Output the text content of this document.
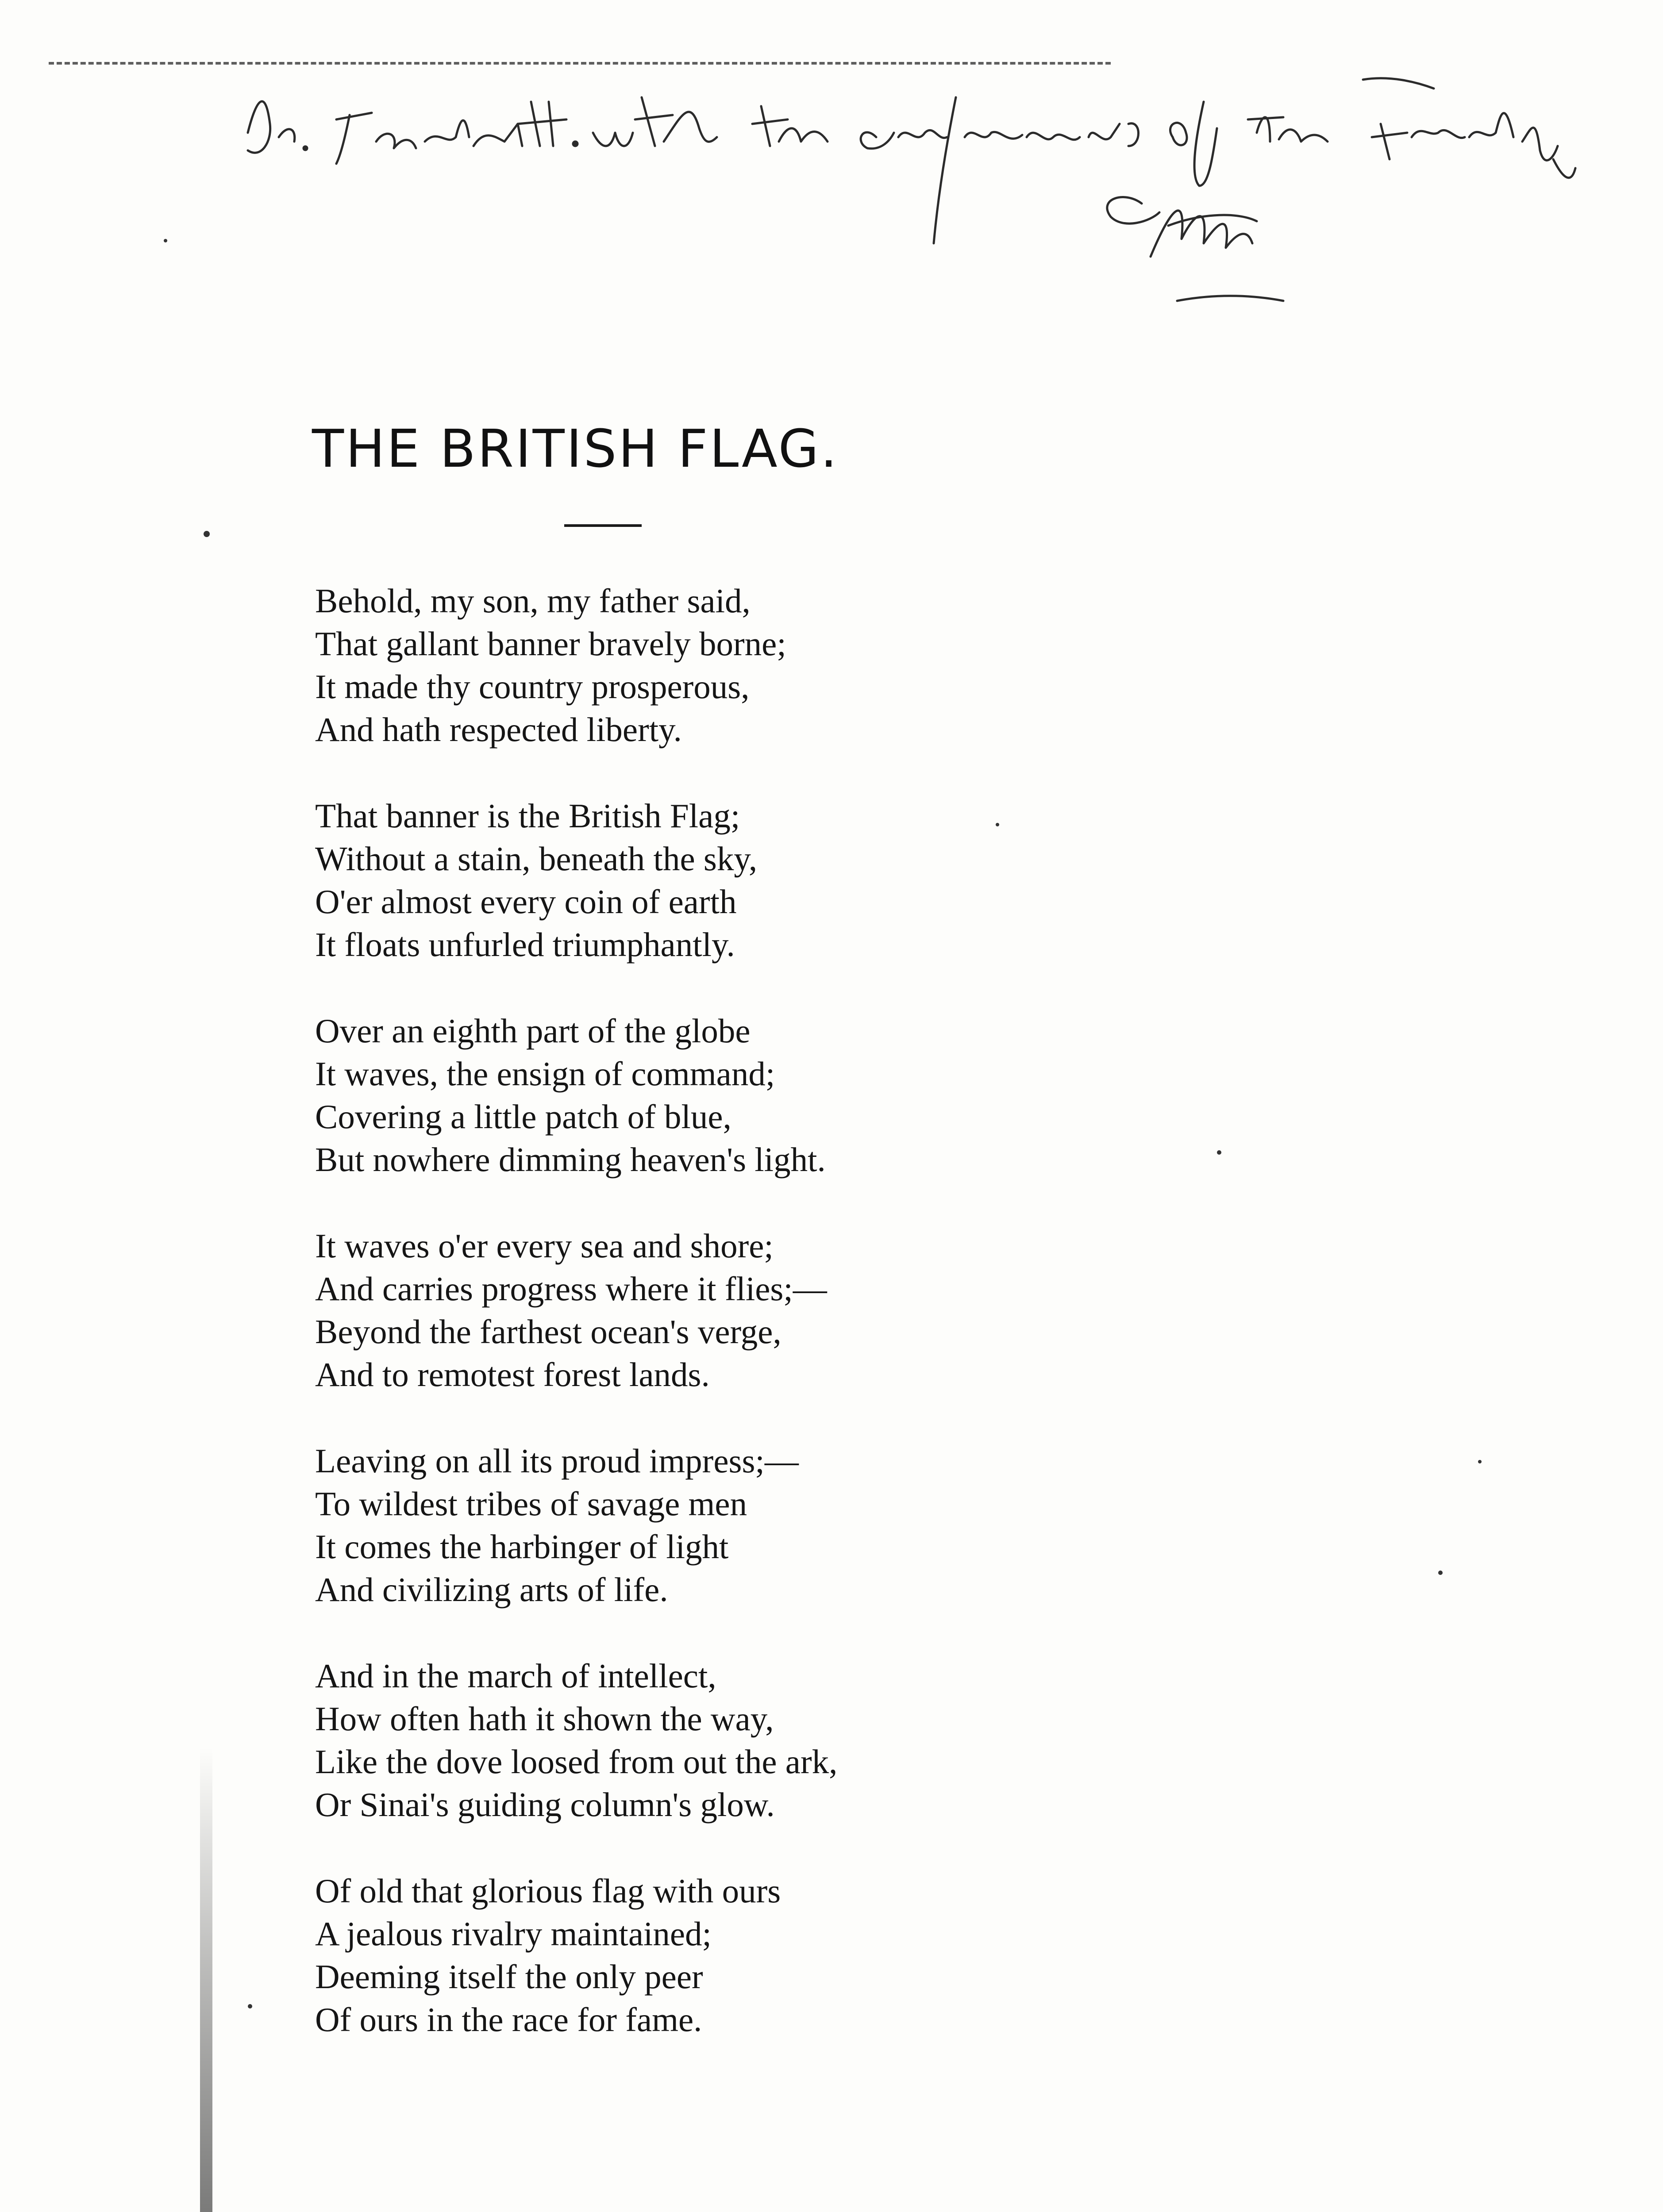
THE BRITISH FLAG.
Behold, my son, my father said,
That gallant banner bravely borne;
It made thy country prosperous,
And hath respected liberty.
That banner is the British Flag;
Without a stain, beneath the sky,
O'er almost every coin of earth
It floats unfurled triumphantly.
Over an eighth part of the globe
It waves, the ensign of command;
Covering a little patch of blue,
But nowhere dimming heaven's light.
It waves o'er every sea and shore;
And carries progress where it flies;—
Beyond the farthest ocean's verge,
And to remotest forest lands.
Leaving on all its proud impress;—
To wildest tribes of savage men
It comes the harbinger of light
And civilizing arts of life.
And in the march of intellect,
How often hath it shown the way,
Like the dove loosed from out the ark,
Or Sinai's guiding column's glow.
Of old that glorious flag with ours
A jealous rivalry maintained;
Deeming itself the only peer
Of ours in the race for fame.
